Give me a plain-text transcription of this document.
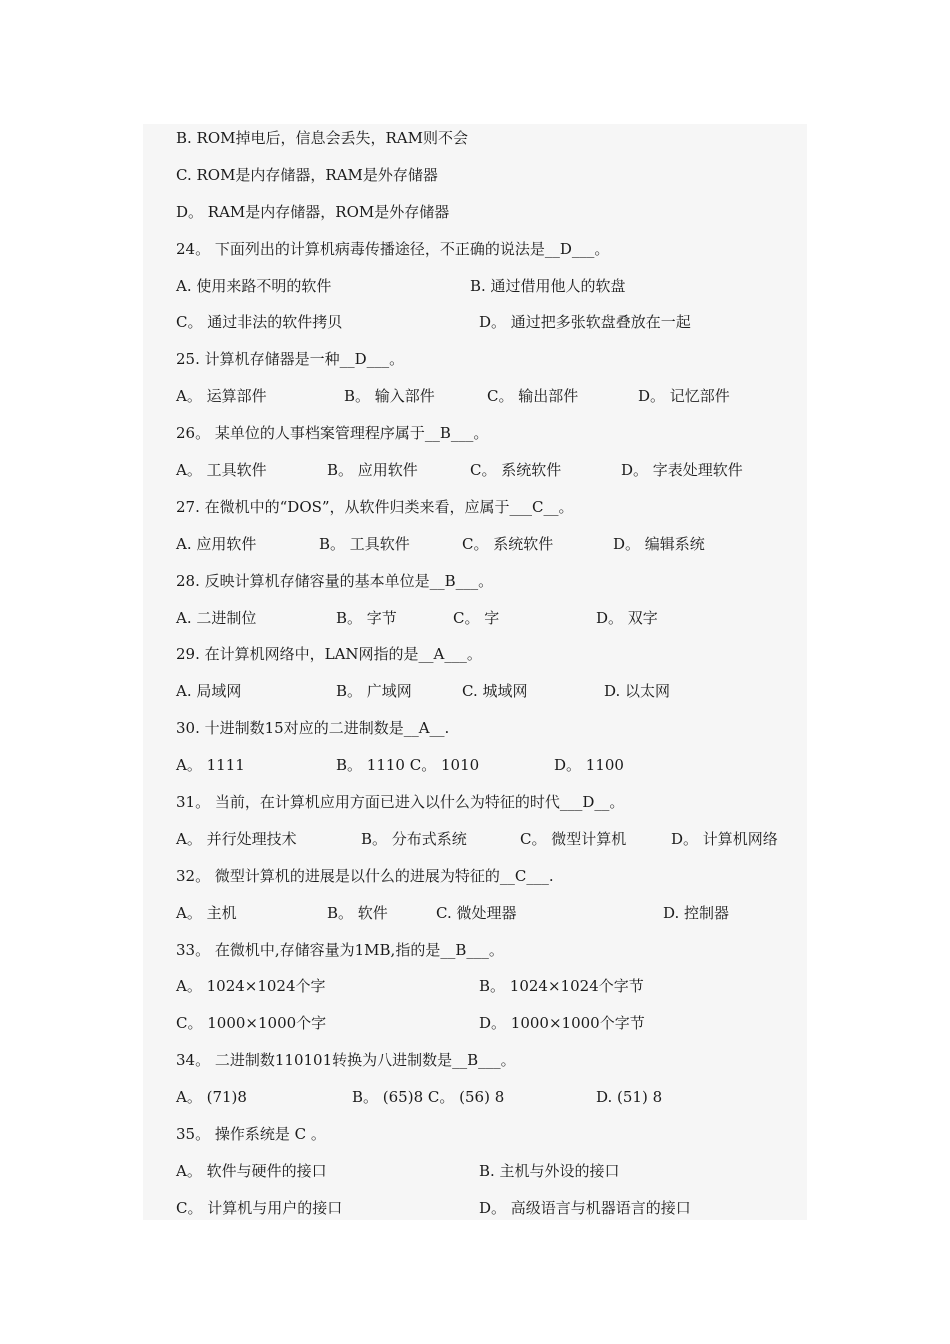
B. ROM掉电后，信息会丢失，RAM则不会

C. ROM是内存储器，RAM是外存储器

D。 RAM是内存储器，ROM是外存储器

24。 下面列出的计算机病毒传播途径，不正确的说法是__D___。

A. 使用来路不明的软件

	B. 通过借用他人的软盘

C。 通过非法的软件拷贝

	D。 通过把多张软盘叠放在一起

25. 计算机存储器是一种__D___。

A。 运算部件

	B。 输入部件

	C。 输出部件

	D。 记忆部件

26。 某单位的人事档案管理程序属于__B___。

A。 工具软件

	B。 应用软件

	C。 系统软件

	D。 字表处理软件

27. 在微机中的“DOS”，从软件归类来看，应属于___C__。

A. 应用软件

	B。 工具软件

	C。 系统软件

	D。 编辑系统

28. 反映计算机存储容量的基本单位是__B___。

A. 二进制位

	B。 字节

	C。 字

	D。 双字

29. 在计算机网络中，LAN网指的是__A___。

A. 局域网

	B。 广域网

	C. 城域网

	D. 以太网

30. 十进制数15对应的二进制数是__A__.

A。 1111

	B。 1110 C。 1010

	D。 1100

31。 当前，在计算机应用方面已进入以什么为特征的时代___D__。

A。 并行处理技术

	B。 分布式系统

	C。 微型计算机

	D。 计算机网络

32。 微型计算机的进展是以什么的进展为特征的__C___.

A。 主机

	B。 软件

	C. 微处理器

	D. 控制器

33。 在微机中,存储容量为1MB,指的是__B___。

A。 1024×1024个字

	B。 1024×1024个字节

C。 1000×1000个字

	D。 1000×1000个字节

34。 二进制数110101转换为八进制数是__B___。

A。 (71)8

	B。 (65)8 C。 (56) 8

	D. (51) 8

35。 操作系统是 C 。

A。 软件与硬件的接口

	B. 主机与外设的接口

C。 计算机与用户的接口

	D。 高级语言与机器语言的接口
